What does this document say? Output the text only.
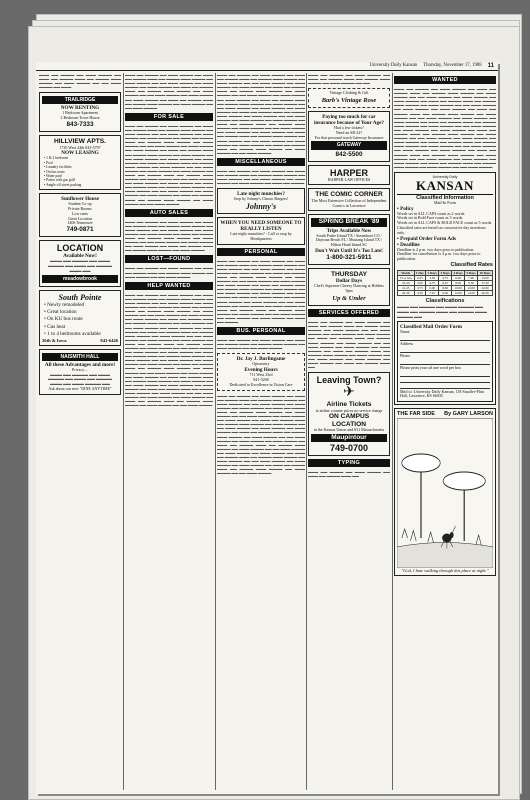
University Daily Kansan Thursday, November 17, 1988 11
▬▬▬ ▬▬ ▬▬▬▬ ▬▬ ▬▬▬ ▬▬▬▬ ▬▬ ▬▬▬ ▬▬ ▬▬▬▬ ▬▬▬ ▬▬ ▬▬▬▬ ▬▬▬ ▬▬▬▬ ▬▬ ▬▬▬ ▬▬▬▬ ▬▬ ▬▬ ▬▬▬ ▬▬▬▬ ▬▬ ▬▬▬
TRAILRIDGE
NOW RENTING
1 Bedroom Apartment
2 Bedroom Town House
843-7333
HILLVIEW APTS.
1730 West 24th 843-5797
NOW LEASING
• 1 & 2 bedroom
• Pool
• Laundry facilities
• On bus route
• Water paid
• Patios with gas grill
• Ample off street parking
Sunflower House
Student Co-op
Private Rooms
Low rates
Great Location
1406 Tennessee
749-0871
LOCATION
Available Now!
▬▬▬ ▬▬ ▬▬▬▬ ▬▬ ▬▬▬ ▬▬▬▬ ▬▬ ▬▬▬ ▬▬ ▬▬▬▬ ▬▬▬ ▬▬
meadowbrook
South Pointe
• Newly remodeled
• Great location
• On KU bus route
• Gas heat
• 1 to 4 bedrooms available
26th & Iowa	843-6446
NAISMITH HALL
All these Advantages and more!
Privacy....
▬▬▬ ▬▬ ▬▬▬▬ ▬▬ ▬▬▬ ▬▬▬▬ ▬▬ ▬▬▬ ▬▬ ▬▬▬▬ ▬▬▬ ▬▬ ▬▬▬ ▬▬▬▬ ▬▬
Ask about our new "DINE ANYTIME"
▬▬▬ ▬▬ ▬▬▬▬ ▬▬ ▬▬▬ ▬▬▬▬ ▬▬ ▬▬▬ ▬▬ ▬▬▬▬ ▬▬▬ ▬▬ ▬▬▬▬ ▬▬▬ ▬▬▬▬ ▬▬ ▬▬▬ ▬▬▬▬ ▬▬ ▬▬ ▬▬▬ ▬▬▬▬ ▬▬ ▬▬▬ ▬▬▬▬ ▬▬ ▬▬▬ ▬▬▬▬ ▬▬ ▬▬▬ ▬▬ ▬▬▬▬ ▬▬▬ ▬▬ ▬▬▬▬ ▬▬▬ ▬▬▬▬ ▬▬ ▬▬▬ ▬▬▬▬ ▬▬ ▬▬ ▬▬▬ ▬▬▬▬ ▬▬ ▬▬▬ ▬▬▬▬ ▬▬ ▬▬▬ ▬▬▬▬ ▬▬ ▬▬▬ ▬▬ ▬▬▬▬ ▬▬▬ ▬▬ ▬▬▬▬ ▬▬▬ ▬▬▬▬ ▬▬ ▬▬▬ ▬▬▬▬ ▬▬ ▬▬ ▬▬▬ ▬▬▬▬
FOR SALE
▬▬▬ ▬▬ ▬▬▬▬ ▬▬ ▬▬▬ ▬▬▬▬ ▬▬ ▬▬▬ ▬▬ ▬▬▬▬ ▬▬▬ ▬▬ ▬▬▬▬ ▬▬▬ ▬▬▬▬ ▬▬ ▬▬▬ ▬▬▬▬ ▬▬ ▬▬ ▬▬▬ ▬▬▬▬ ▬▬ ▬▬▬ ▬▬▬▬ ▬▬ ▬▬▬ ▬▬▬▬ ▬▬ ▬▬▬ ▬▬ ▬▬▬▬ ▬▬▬ ▬▬ ▬▬▬▬ ▬▬▬ ▬▬▬▬ ▬▬ ▬▬▬ ▬▬▬▬ ▬▬ ▬▬ ▬▬▬ ▬▬▬▬ ▬▬ ▬▬▬ ▬▬▬▬ ▬▬ ▬▬▬ ▬▬▬▬ ▬▬ ▬▬▬ ▬▬ ▬▬▬▬ ▬▬▬ ▬▬ ▬▬▬▬ ▬▬▬ ▬▬▬▬ ▬▬ ▬▬▬ ▬▬▬▬ ▬▬ ▬▬ ▬▬▬ ▬▬▬▬ ▬▬ ▬▬▬ ▬▬▬▬ ▬▬ ▬▬▬ ▬▬▬▬ ▬▬ ▬▬▬ ▬▬ ▬▬▬▬ ▬▬▬ ▬▬ ▬▬▬▬ ▬▬▬ ▬▬▬▬ ▬▬ ▬▬▬ ▬▬▬▬ ▬▬ ▬▬ ▬▬▬ ▬▬▬▬ ▬▬ ▬▬▬ ▬▬▬▬ ▬▬ ▬▬▬ ▬▬▬▬ ▬▬ ▬▬▬ ▬▬ ▬▬▬▬ ▬▬▬ ▬▬ ▬▬▬▬ ▬▬▬ ▬▬▬▬ ▬▬ ▬▬▬ ▬▬▬▬ ▬▬ ▬▬ ▬▬▬ ▬▬▬▬ ▬▬ ▬▬▬ ▬▬▬▬ ▬▬ ▬▬▬ ▬▬▬▬ ▬▬ ▬▬▬ ▬▬ ▬▬▬▬ ▬▬▬ ▬▬ ▬▬▬▬ ▬▬▬ ▬▬▬▬ ▬▬ ▬▬▬ ▬▬▬▬ ▬▬ ▬▬ ▬▬▬ ▬▬▬▬ ▬▬ ▬▬▬ ▬▬▬▬ ▬▬ ▬▬▬ ▬▬▬▬ ▬▬ ▬▬▬ ▬▬ ▬▬▬▬ ▬▬▬ ▬▬ ▬▬▬▬ ▬▬▬ ▬▬▬▬ ▬▬ ▬▬▬ ▬▬▬▬ ▬▬ ▬▬ ▬▬▬ ▬▬▬▬
AUTO SALES
▬▬▬ ▬▬ ▬▬▬▬ ▬▬ ▬▬▬ ▬▬▬▬ ▬▬ ▬▬▬ ▬▬ ▬▬▬▬ ▬▬▬ ▬▬ ▬▬▬▬ ▬▬▬ ▬▬▬▬ ▬▬ ▬▬▬ ▬▬▬▬ ▬▬ ▬▬ ▬▬▬ ▬▬▬▬ ▬▬ ▬▬▬ ▬▬▬▬ ▬▬ ▬▬▬ ▬▬▬▬ ▬▬ ▬▬▬ ▬▬ ▬▬▬▬ ▬▬▬ ▬▬ ▬▬▬▬ ▬▬▬ ▬▬▬▬ ▬▬ ▬▬▬ ▬▬▬▬ ▬▬ ▬▬ ▬▬▬ ▬▬▬▬ ▬▬ ▬▬▬ ▬▬▬▬ ▬▬ ▬▬▬ ▬▬▬▬ ▬▬ ▬▬▬ ▬▬ ▬▬▬▬ ▬▬▬ ▬▬ ▬▬▬▬ ▬▬▬ ▬▬▬▬ ▬▬ ▬▬▬ ▬▬▬▬
LOST—FOUND
▬▬▬ ▬▬ ▬▬▬▬ ▬▬ ▬▬▬ ▬▬▬▬ ▬▬ ▬▬▬ ▬▬ ▬▬▬▬ ▬▬▬ ▬▬ ▬▬▬▬ ▬▬▬ ▬▬▬▬ ▬▬ ▬▬▬ ▬▬▬▬ ▬▬ ▬▬ ▬▬▬ ▬▬▬▬
HELP WANTED
▬▬▬ ▬▬ ▬▬▬▬ ▬▬ ▬▬▬ ▬▬▬▬ ▬▬ ▬▬▬ ▬▬ ▬▬▬▬ ▬▬▬ ▬▬ ▬▬▬▬ ▬▬▬ ▬▬▬▬ ▬▬ ▬▬▬ ▬▬▬▬ ▬▬ ▬▬ ▬▬▬ ▬▬▬▬ ▬▬ ▬▬▬ ▬▬▬▬ ▬▬ ▬▬▬ ▬▬▬▬ ▬▬ ▬▬▬ ▬▬ ▬▬▬▬ ▬▬▬ ▬▬ ▬▬▬▬ ▬▬▬ ▬▬▬▬ ▬▬ ▬▬▬ ▬▬▬▬ ▬▬ ▬▬ ▬▬▬ ▬▬▬▬ ▬▬ ▬▬▬ ▬▬▬▬ ▬▬ ▬▬▬ ▬▬▬▬ ▬▬ ▬▬▬ ▬▬ ▬▬▬▬ ▬▬▬ ▬▬ ▬▬▬▬ ▬▬▬ ▬▬▬▬ ▬▬ ▬▬▬ ▬▬▬▬ ▬▬ ▬▬ ▬▬▬ ▬▬▬▬ ▬▬ ▬▬▬ ▬▬▬▬ ▬▬ ▬▬▬ ▬▬▬▬ ▬▬ ▬▬▬ ▬▬ ▬▬▬▬ ▬▬▬ ▬▬ ▬▬▬▬ ▬▬▬ ▬▬▬▬ ▬▬ ▬▬▬ ▬▬▬▬ ▬▬ ▬▬ ▬▬▬ ▬▬▬▬ ▬▬ ▬▬▬ ▬▬▬▬ ▬▬ ▬▬▬ ▬▬▬▬ ▬▬ ▬▬▬ ▬▬ ▬▬▬▬ ▬▬▬ ▬▬ ▬▬▬▬ ▬▬▬ ▬▬▬▬ ▬▬ ▬▬▬ ▬▬▬▬ ▬▬ ▬▬ ▬▬▬ ▬▬▬▬ ▬▬ ▬▬▬ ▬▬▬▬ ▬▬ ▬▬▬ ▬▬▬▬ ▬▬ ▬▬▬ ▬▬ ▬▬▬▬ ▬▬▬ ▬▬ ▬▬▬▬ ▬▬▬ ▬▬▬▬ ▬▬ ▬▬▬ ▬▬▬▬ ▬▬ ▬▬ ▬▬▬ ▬▬▬▬ ▬▬ ▬▬▬ ▬▬▬▬ ▬▬ ▬▬▬ ▬▬▬▬ ▬▬ ▬▬▬ ▬▬ ▬▬▬▬ ▬▬▬ ▬▬ ▬▬▬▬ ▬▬▬ ▬▬▬▬ ▬▬ ▬▬▬ ▬▬▬▬ ▬▬ ▬▬ ▬▬▬ ▬▬▬▬ ▬▬ ▬▬▬ ▬▬▬▬ ▬▬ ▬▬▬ ▬▬▬▬ ▬▬ ▬▬▬ ▬▬ ▬▬▬▬ ▬▬▬ ▬▬ ▬▬▬▬ ▬▬▬ ▬▬▬▬ ▬▬ ▬▬▬ ▬▬▬▬ ▬▬ ▬▬ ▬▬▬ ▬▬▬▬ ▬▬ ▬▬▬ ▬▬▬▬ ▬▬ ▬▬▬ ▬▬▬▬ ▬▬ ▬▬▬ ▬▬ ▬▬▬▬ ▬▬▬ ▬▬ ▬▬▬▬ ▬▬▬ ▬▬▬▬ ▬▬ ▬▬▬ ▬▬▬▬ ▬▬ ▬▬ ▬▬▬ ▬▬▬▬ ▬▬ ▬▬▬ ▬▬▬▬ ▬▬ ▬▬▬ ▬▬▬▬ ▬▬ ▬▬▬ ▬▬ ▬▬▬▬ ▬▬▬ ▬▬ ▬▬▬▬ ▬▬▬ ▬▬▬▬ ▬▬ ▬▬▬ ▬▬▬▬ ▬▬ ▬▬ ▬▬▬ ▬▬▬▬
▬▬▬ ▬▬ ▬▬▬▬ ▬▬ ▬▬▬ ▬▬▬▬ ▬▬ ▬▬▬ ▬▬ ▬▬▬▬ ▬▬▬ ▬▬ ▬▬▬▬ ▬▬▬ ▬▬▬▬ ▬▬ ▬▬▬ ▬▬▬▬ ▬▬ ▬▬ ▬▬▬ ▬▬▬▬ ▬▬ ▬▬▬ ▬▬▬▬ ▬▬ ▬▬▬ ▬▬▬▬ ▬▬ ▬▬▬ ▬▬ ▬▬▬▬ ▬▬▬ ▬▬ ▬▬▬▬ ▬▬▬ ▬▬▬▬ ▬▬ ▬▬▬ ▬▬▬▬ ▬▬ ▬▬ ▬▬▬ ▬▬▬▬ ▬▬ ▬▬▬ ▬▬▬▬ ▬▬ ▬▬▬ ▬▬▬▬ ▬▬ ▬▬▬ ▬▬ ▬▬▬▬ ▬▬▬ ▬▬ ▬▬▬▬ ▬▬▬ ▬▬▬▬ ▬▬ ▬▬▬ ▬▬▬▬ ▬▬ ▬▬ ▬▬▬ ▬▬▬▬ ▬▬ ▬▬▬ ▬▬▬▬ ▬▬ ▬▬▬ ▬▬▬▬ ▬▬ ▬▬▬ ▬▬ ▬▬▬▬ ▬▬▬ ▬▬ ▬▬▬▬ ▬▬▬ ▬▬▬▬ ▬▬ ▬▬▬ ▬▬▬▬ ▬▬ ▬▬ ▬▬▬ ▬▬▬▬ ▬▬ ▬▬▬ ▬▬▬▬ ▬▬ ▬▬▬ ▬▬▬▬ ▬▬ ▬▬▬ ▬▬ ▬▬▬▬ ▬▬▬ ▬▬ ▬▬▬▬ ▬▬▬ ▬▬▬▬ ▬▬ ▬▬▬ ▬▬▬▬ ▬▬ ▬▬ ▬▬▬ ▬▬▬▬ ▬▬ ▬▬▬ ▬▬▬▬ ▬▬ ▬▬▬ ▬▬▬▬ ▬▬ ▬▬▬ ▬▬ ▬▬▬▬ ▬▬▬ ▬▬ ▬▬▬▬ ▬▬▬ ▬▬▬▬ ▬▬ ▬▬▬ ▬▬▬▬ ▬▬ ▬▬ ▬▬▬ ▬▬▬▬ ▬▬ ▬▬▬ ▬▬▬▬ ▬▬ ▬▬▬ ▬▬▬▬ ▬▬ ▬▬▬ ▬▬ ▬▬▬▬ ▬▬▬ ▬▬ ▬▬▬▬ ▬▬▬ ▬▬▬▬ ▬▬ ▬▬▬ ▬▬▬▬ ▬▬ ▬▬ ▬▬▬ ▬▬▬▬
MISCELLANEOUS
▬▬▬ ▬▬ ▬▬▬▬ ▬▬ ▬▬▬ ▬▬▬▬ ▬▬ ▬▬▬ ▬▬ ▬▬▬▬ ▬▬▬ ▬▬ ▬▬▬▬ ▬▬▬ ▬▬▬▬ ▬▬ ▬▬▬ ▬▬▬▬ ▬▬ ▬▬ ▬▬▬ ▬▬▬▬ ▬▬ ▬▬▬ ▬▬▬▬ ▬▬ ▬▬▬ ▬▬▬▬ ▬▬ ▬▬▬ ▬▬ ▬▬▬▬
Late night munchies?
Stop by Johnny's Classic Burgers!
Johnny's
WHEN YOU NEED SOMEONE TO REALLY LISTEN
Late night munchies? - Call or stop by Headquarters
PERSONAL
▬▬▬ ▬▬ ▬▬▬▬ ▬▬ ▬▬▬ ▬▬▬▬ ▬▬ ▬▬▬ ▬▬ ▬▬▬▬ ▬▬▬ ▬▬ ▬▬▬▬ ▬▬▬ ▬▬▬▬ ▬▬ ▬▬▬ ▬▬▬▬ ▬▬ ▬▬ ▬▬▬ ▬▬▬▬ ▬▬ ▬▬▬ ▬▬▬▬ ▬▬ ▬▬▬ ▬▬▬▬ ▬▬ ▬▬▬ ▬▬ ▬▬▬▬ ▬▬▬ ▬▬ ▬▬▬▬ ▬▬▬ ▬▬▬▬ ▬▬ ▬▬▬ ▬▬▬▬ ▬▬ ▬▬ ▬▬▬ ▬▬▬▬ ▬▬ ▬▬▬ ▬▬▬▬ ▬▬ ▬▬▬ ▬▬▬▬ ▬▬ ▬▬▬ ▬▬ ▬▬▬▬ ▬▬▬ ▬▬ ▬▬▬▬ ▬▬▬ ▬▬▬▬ ▬▬ ▬▬▬ ▬▬▬▬ ▬▬ ▬▬ ▬▬▬ ▬▬▬▬ ▬▬ ▬▬▬ ▬▬▬▬ ▬▬ ▬▬▬ ▬▬▬▬ ▬▬ ▬▬▬ ▬▬ ▬▬▬▬ ▬▬▬ ▬▬ ▬▬▬▬ ▬▬▬ ▬▬▬▬ ▬▬ ▬▬▬ ▬▬▬▬ ▬▬ ▬▬ ▬▬▬ ▬▬▬▬ ▬▬ ▬▬▬ ▬▬▬▬ ▬▬ ▬▬▬ ▬▬▬▬ ▬▬ ▬▬▬ ▬▬ ▬▬▬▬ ▬▬▬ ▬▬ ▬▬▬▬ ▬▬▬ ▬▬▬▬ ▬▬ ▬▬▬ ▬▬▬▬ ▬▬ ▬▬ ▬▬▬ ▬▬▬▬ ▬▬ ▬▬▬ ▬▬▬▬ ▬▬ ▬▬▬ ▬▬▬▬ ▬▬ ▬▬▬ ▬▬ ▬▬▬▬
BUS. PERSONAL
▬▬▬ ▬▬ ▬▬▬▬ ▬▬ ▬▬▬ ▬▬▬▬ ▬▬ ▬▬▬ ▬▬ ▬▬▬▬ ▬▬▬ ▬▬ ▬▬▬▬ ▬▬▬ ▬▬▬▬ ▬▬ ▬▬▬ ▬▬▬▬ ▬▬ ▬▬ ▬▬▬ ▬▬▬▬
Dr. Jay J. Burlingame
Optometry
Evening Hours
711 West 23rd
841-5268
Dedicated to Excellence in Vision Care
▬▬▬ ▬▬ ▬▬▬▬ ▬▬ ▬▬▬ ▬▬▬▬ ▬▬ ▬▬▬ ▬▬ ▬▬▬▬ ▬▬▬ ▬▬ ▬▬▬▬ ▬▬▬ ▬▬▬▬ ▬▬ ▬▬▬ ▬▬▬▬ ▬▬ ▬▬ ▬▬▬ ▬▬▬▬ ▬▬ ▬▬▬ ▬▬▬▬ ▬▬ ▬▬▬ ▬▬▬▬ ▬▬ ▬▬▬ ▬▬ ▬▬▬▬ ▬▬▬ ▬▬ ▬▬▬▬ ▬▬▬ ▬▬▬▬ ▬▬ ▬▬▬ ▬▬▬▬ ▬▬ ▬▬ ▬▬▬ ▬▬▬▬ ▬▬ ▬▬▬ ▬▬▬▬ ▬▬ ▬▬▬ ▬▬▬▬ ▬▬ ▬▬▬ ▬▬ ▬▬▬▬ ▬▬▬ ▬▬ ▬▬▬▬ ▬▬▬ ▬▬▬▬ ▬▬ ▬▬▬ ▬▬▬▬ ▬▬ ▬▬ ▬▬▬ ▬▬▬▬ ▬▬ ▬▬▬ ▬▬▬▬ ▬▬ ▬▬▬ ▬▬▬▬ ▬▬ ▬▬▬ ▬▬ ▬▬▬▬ ▬▬▬ ▬▬ ▬▬▬▬ ▬▬▬ ▬▬▬▬ ▬▬ ▬▬▬ ▬▬▬▬ ▬▬ ▬▬ ▬▬▬ ▬▬▬▬ ▬▬ ▬▬▬ ▬▬▬▬ ▬▬ ▬▬▬ ▬▬▬▬ ▬▬ ▬▬▬ ▬▬ ▬▬▬▬ ▬▬▬ ▬▬ ▬▬▬▬ ▬▬▬ ▬▬▬▬ ▬▬ ▬▬▬ ▬▬▬▬ ▬▬ ▬▬ ▬▬▬ ▬▬▬▬ ▬▬ ▬▬▬ ▬▬▬▬ ▬▬ ▬▬▬ ▬▬▬▬ ▬▬ ▬▬▬ ▬▬ ▬▬▬▬ ▬▬▬ ▬▬ ▬▬▬▬ ▬▬▬ ▬▬▬▬ ▬▬ ▬▬▬ ▬▬▬▬ ▬▬ ▬▬ ▬▬▬ ▬▬▬▬ ▬▬ ▬▬▬ ▬▬▬▬ ▬▬ ▬▬▬ ▬▬▬▬ ▬▬ ▬▬▬ ▬▬ ▬▬▬▬ ▬▬▬ ▬▬ ▬▬▬▬ ▬▬▬ ▬▬▬▬ ▬▬ ▬▬▬ ▬▬▬▬ ▬▬ ▬▬ ▬▬▬ ▬▬▬▬
▬▬▬ ▬▬ ▬▬▬▬ ▬▬ ▬▬▬ ▬▬▬▬ ▬▬ ▬▬▬ ▬▬ ▬▬▬▬ ▬▬▬ ▬▬ ▬▬▬▬ ▬▬▬ ▬▬▬▬ ▬▬ ▬▬▬ ▬▬▬▬ ▬▬ ▬▬
Vintage Clothing & Gift
Barb's Vintage Rose
Paying too much for car insurance because of Your Age?
Had a few tickets?
Need an SR-22?
For that personal touch Gateway Insurance
GATEWAY
842-5500
HARPER
HARPER LAW OFFICES
THE COMIC CORNER
The Most Extensive Collection of Independent Comics in Lawrence
SPRING BREAK '89
Trips Available Now
South Padre Island TX / Steamboat CO / Daytona Beach FL / Mustang Island TX / Hilton Head Island SC
Don't Wait Until It's Too Late!
1-800-321-5911
THURSDAY
Dollar Days
Chef's Supreme Cheesy Dancing at Hobbes 9pm
Up & Under
SERVICES OFFERED
▬▬▬ ▬▬ ▬▬▬▬ ▬▬ ▬▬▬ ▬▬▬▬ ▬▬ ▬▬▬ ▬▬ ▬▬▬▬ ▬▬▬ ▬▬ ▬▬▬▬ ▬▬▬ ▬▬▬▬ ▬▬ ▬▬▬ ▬▬▬▬ ▬▬ ▬▬ ▬▬▬ ▬▬▬▬ ▬▬ ▬▬▬ ▬▬▬▬ ▬▬ ▬▬▬ ▬▬▬▬ ▬▬ ▬▬▬ ▬▬ ▬▬▬▬ ▬▬▬ ▬▬ ▬▬▬▬ ▬▬▬ ▬▬▬▬ ▬▬ ▬▬▬ ▬▬▬▬ ▬▬ ▬▬ ▬▬▬ ▬▬▬▬ ▬▬ ▬▬▬ ▬▬▬▬ ▬▬ ▬▬▬ ▬▬▬▬ ▬▬ ▬▬▬ ▬▬ ▬▬▬▬ ▬▬▬ ▬▬ ▬▬▬▬ ▬▬▬ ▬▬▬▬ ▬▬ ▬▬▬ ▬▬▬▬ ▬▬ ▬▬ ▬▬▬ ▬▬▬▬ ▬▬ ▬▬▬ ▬▬▬▬ ▬▬ ▬▬▬ ▬▬▬▬ ▬▬ ▬▬▬ ▬▬ ▬▬▬▬ ▬▬▬ ▬▬
Leaving Town?
✈
Airline Tickets
at airline counter prices no service charge
ON CAMPUS LOCATION
in the Kansas Union and 631 Massachusetts
Maupintour
749-0700
TYPING
▬▬▬ ▬▬ ▬▬▬▬ ▬▬ ▬▬▬ ▬▬▬▬ ▬▬ ▬▬▬ ▬▬ ▬▬▬▬ ▬▬▬ ▬▬
WANTED
▬▬▬ ▬▬ ▬▬▬▬ ▬▬ ▬▬▬ ▬▬▬▬ ▬▬ ▬▬▬ ▬▬ ▬▬▬▬ ▬▬▬ ▬▬ ▬▬▬▬ ▬▬▬ ▬▬▬▬ ▬▬ ▬▬▬ ▬▬▬▬ ▬▬ ▬▬ ▬▬▬ ▬▬▬▬ ▬▬ ▬▬▬ ▬▬▬▬ ▬▬ ▬▬▬ ▬▬▬▬ ▬▬ ▬▬▬ ▬▬ ▬▬▬▬ ▬▬▬ ▬▬ ▬▬▬▬ ▬▬▬ ▬▬▬▬ ▬▬ ▬▬▬ ▬▬▬▬ ▬▬ ▬▬ ▬▬▬ ▬▬▬▬ ▬▬ ▬▬▬ ▬▬▬▬ ▬▬ ▬▬▬ ▬▬▬▬ ▬▬ ▬▬▬ ▬▬ ▬▬▬▬ ▬▬▬ ▬▬ ▬▬▬▬ ▬▬▬ ▬▬▬▬ ▬▬ ▬▬▬ ▬▬▬▬ ▬▬ ▬▬ ▬▬▬ ▬▬▬▬ ▬▬ ▬▬▬ ▬▬▬▬ ▬▬ ▬▬▬ ▬▬▬▬ ▬▬ ▬▬▬ ▬▬ ▬▬▬▬ ▬▬▬ ▬▬ ▬▬▬▬ ▬▬▬ ▬▬▬▬ ▬▬ ▬▬▬ ▬▬▬▬ ▬▬ ▬▬ ▬▬▬ ▬▬▬▬ ▬▬ ▬▬▬ ▬▬▬▬ ▬▬ ▬▬▬ ▬▬▬▬ ▬▬ ▬▬▬ ▬▬ ▬▬▬▬ ▬▬▬ ▬▬ ▬▬▬▬ ▬▬▬ ▬▬▬▬ ▬▬ ▬▬▬ ▬▬▬▬ ▬▬ ▬▬ ▬▬▬ ▬▬▬▬ ▬▬ ▬▬▬ ▬▬▬▬ ▬▬ ▬▬▬ ▬▬▬▬ ▬▬ ▬▬▬ ▬▬ ▬▬▬▬ ▬▬▬ ▬▬ ▬▬▬▬ ▬▬▬ ▬▬▬▬ ▬▬ ▬▬▬ ▬▬▬▬ ▬▬ ▬▬ ▬▬▬ ▬▬▬▬ ▬▬ ▬▬▬ ▬▬▬▬ ▬▬ ▬▬▬ ▬▬▬▬ ▬▬ ▬▬▬ ▬▬ ▬▬▬▬ ▬▬▬ ▬▬ ▬▬▬▬ ▬▬▬ ▬▬▬▬ ▬▬ ▬▬▬ ▬▬▬▬ ▬▬ ▬▬ ▬▬▬ ▬▬▬▬ ▬▬ ▬▬▬ ▬▬▬▬ ▬▬ ▬▬▬ ▬▬▬▬ ▬▬ ▬▬▬ ▬▬ ▬▬▬▬ ▬▬▬ ▬▬ ▬▬▬▬ ▬▬▬ ▬▬▬▬ ▬▬ ▬▬▬ ▬▬▬▬ ▬▬ ▬▬ ▬▬▬ ▬▬▬▬
University Daily
KANSAN
Classified Information
Mail-In Form
• Policy
Words set in ALL CAPS count as 2 words.
Words set in Bold Face count as 3 words.
Words set in ALL CAPS & BOLD FACE count as 5 words.
Classified rates are based on consecutive day insertions only.
• Prepaid Order Form Ads
• Deadline
Deadline is 2 p.m. two days prior to publication.
Deadline for cancellation is 4 p.m. two days prior to publication.
Classified Rates
Words	1 Day	2 Days	3 Days	4 Days	5 Days	10 Days
15 or less	2.25	3.50	4.75	6.00	7.00	13.00
16-20	3.00	4.75	6.25	8.00	9.50	17.50
21-25	3.75	6.00	8.00	10.00	12.00	22.00
26-30	4.50	7.25	9.50	12.00	14.50	26.50
Classifications
▬▬▬ ▬▬ ▬▬▬▬ ▬▬ ▬▬▬ ▬▬▬▬ ▬▬ ▬▬▬ ▬▬ ▬▬▬▬ ▬▬▬ ▬▬ ▬▬▬▬ ▬▬▬ ▬▬▬▬ ▬▬
Classified Mail Order Form
Name
Address
Phone
Please print your ad one word per box
Mail to: University Daily Kansan, 118 Stauffer-Flint Hall, Lawrence, KS 66045
THE FAR SIDE By GARY LARSON
"God, I hate walking through this place at night."
